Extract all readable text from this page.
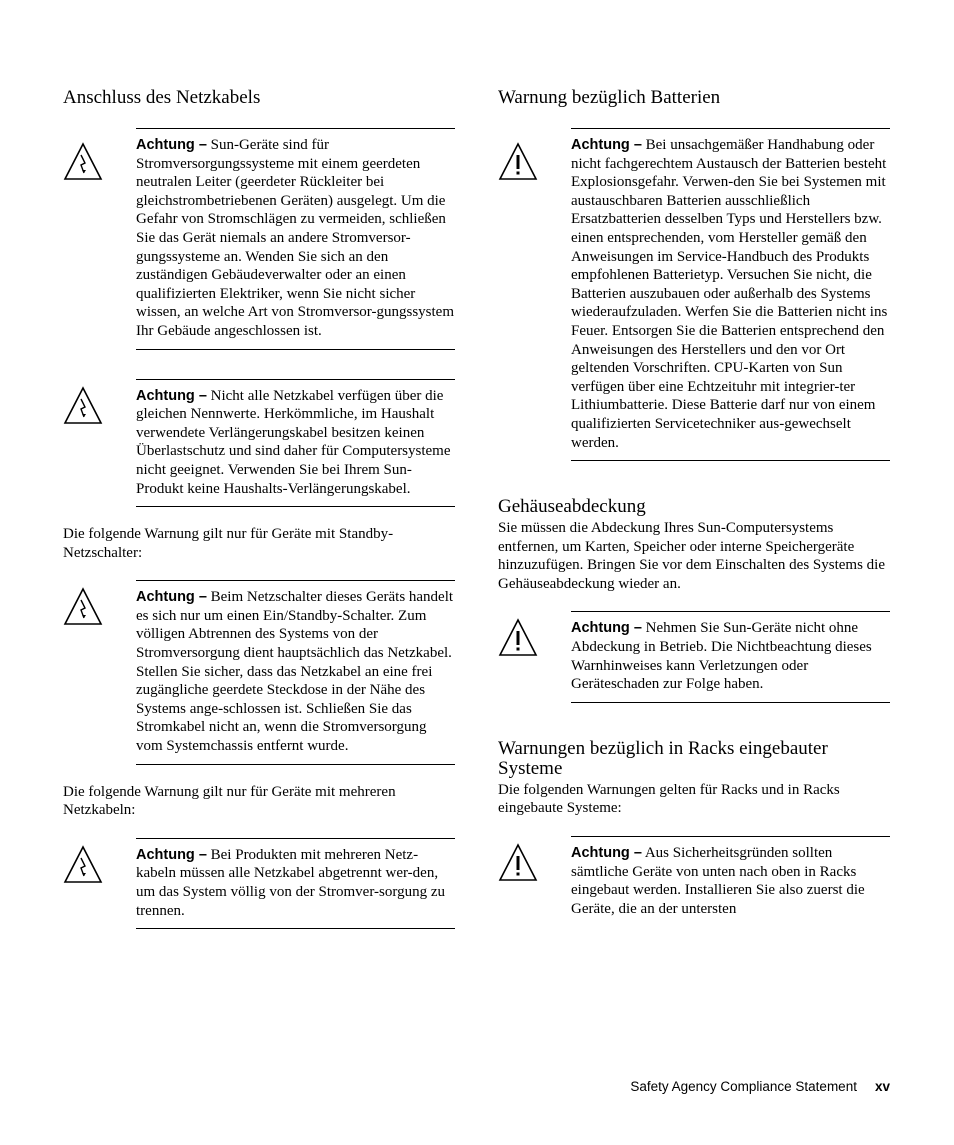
Anschluss des Netzkabels
Achtung – Sun-Geräte sind für Stromversorgungssysteme mit einem geerdeten neutralen Leiter (geerdeter Rückleiter bei gleichstrombetriebenen Geräten) ausgelegt. Um die Gefahr von Stromschlägen zu vermeiden, schließen Sie das Gerät niemals an andere Stromversor-gungssysteme an. Wenden Sie sich an den zuständigen Gebäudeverwalter oder an einen qualifizierten Elektriker, wenn Sie nicht sicher wissen, an welche Art von Stromversor-gungssystem Ihr Gebäude angeschlossen ist.
Achtung – Nicht alle Netzkabel verfügen über die gleichen Nennwerte. Herkömmliche, im Haushalt verwendete Verlängerungskabel besitzen keinen Überlastschutz und sind daher für Computersysteme nicht geeignet. Verwenden Sie bei Ihrem Sun-Produkt keine Haushalts-Verlängerungskabel.

Die folgende Warnung gilt nur für Geräte mit Standby-Netzschalter:

Achtung – Beim Netzschalter dieses Geräts handelt es sich nur um einen Ein/Standby-Schalter. Zum völligen Abtrennen des Systems von der Stromversorgung dient hauptsächlich das Netzkabel. Stellen Sie sicher, dass das Netzkabel an eine frei zugängliche geerdete Steckdose in der Nähe des Systems ange-schlossen ist. Schließen Sie das Stromkabel nicht an, wenn die Stromversorgung vom Systemchassis entfernt wurde.

Die folgende Warnung gilt nur für Geräte mit mehreren Netzkabeln:

Achtung – Bei Produkten mit mehreren Netz-kabeln müssen alle Netzkabel abgetrennt wer-den, um das System völlig von der Stromver-sorgung zu trennen.
Warnung bezüglich Batterien
Achtung – Bei unsachgemäßer Handhabung oder nicht fachgerechtem Austausch der Batterien besteht Explosionsgefahr. Verwen-den Sie bei Systemen mit austauschbaren Batterien ausschließlich Ersatzbatterien desselben Typs und Herstellers bzw. einen entsprechenden, vom Hersteller gemäß den Anweisungen im Service-Handbuch des Produkts empfohlenen Batterietyp. Versuchen Sie nicht, die Batterien auszubauen oder außerhalb des Systems wiederaufzuladen. Werfen Sie die Batterien nicht ins Feuer. Entsorgen Sie die Batterien entsprechend den Anweisungen des Herstellers und den vor Ort geltenden Vorschriften. CPU-Karten von Sun verfügen über eine Echtzeituhr mit integrier-ter Lithiumbatterie. Diese Batterie darf nur von einem qualifizierten Servicetechniker aus-gewechselt werden.
Gehäuseabdeckung

Sie müssen die Abdeckung Ihres Sun-Computersystems entfernen, um Karten, Speicher oder interne Speichergeräte hinzuzufügen. Bringen Sie vor dem Einschalten des Systems die Gehäuseabdeckung wieder an.

Achtung – Nehmen Sie Sun-Geräte nicht ohne Abdeckung in Betrieb. Die Nichtbeachtung dieses Warnhinweises kann Verletzungen oder Geräteschaden zur Folge haben.
Warnungen bezüglich in Racks eingebauter Systeme

Die folgenden Warnungen gelten für Racks und in Racks eingebaute Systeme:

Achtung – Aus Sicherheitsgründen sollten sämtliche Geräte von unten nach oben in Racks eingebaut werden. Installieren Sie also zuerst die Geräte, die an der untersten
Safety Agency Compliance Statement xv
